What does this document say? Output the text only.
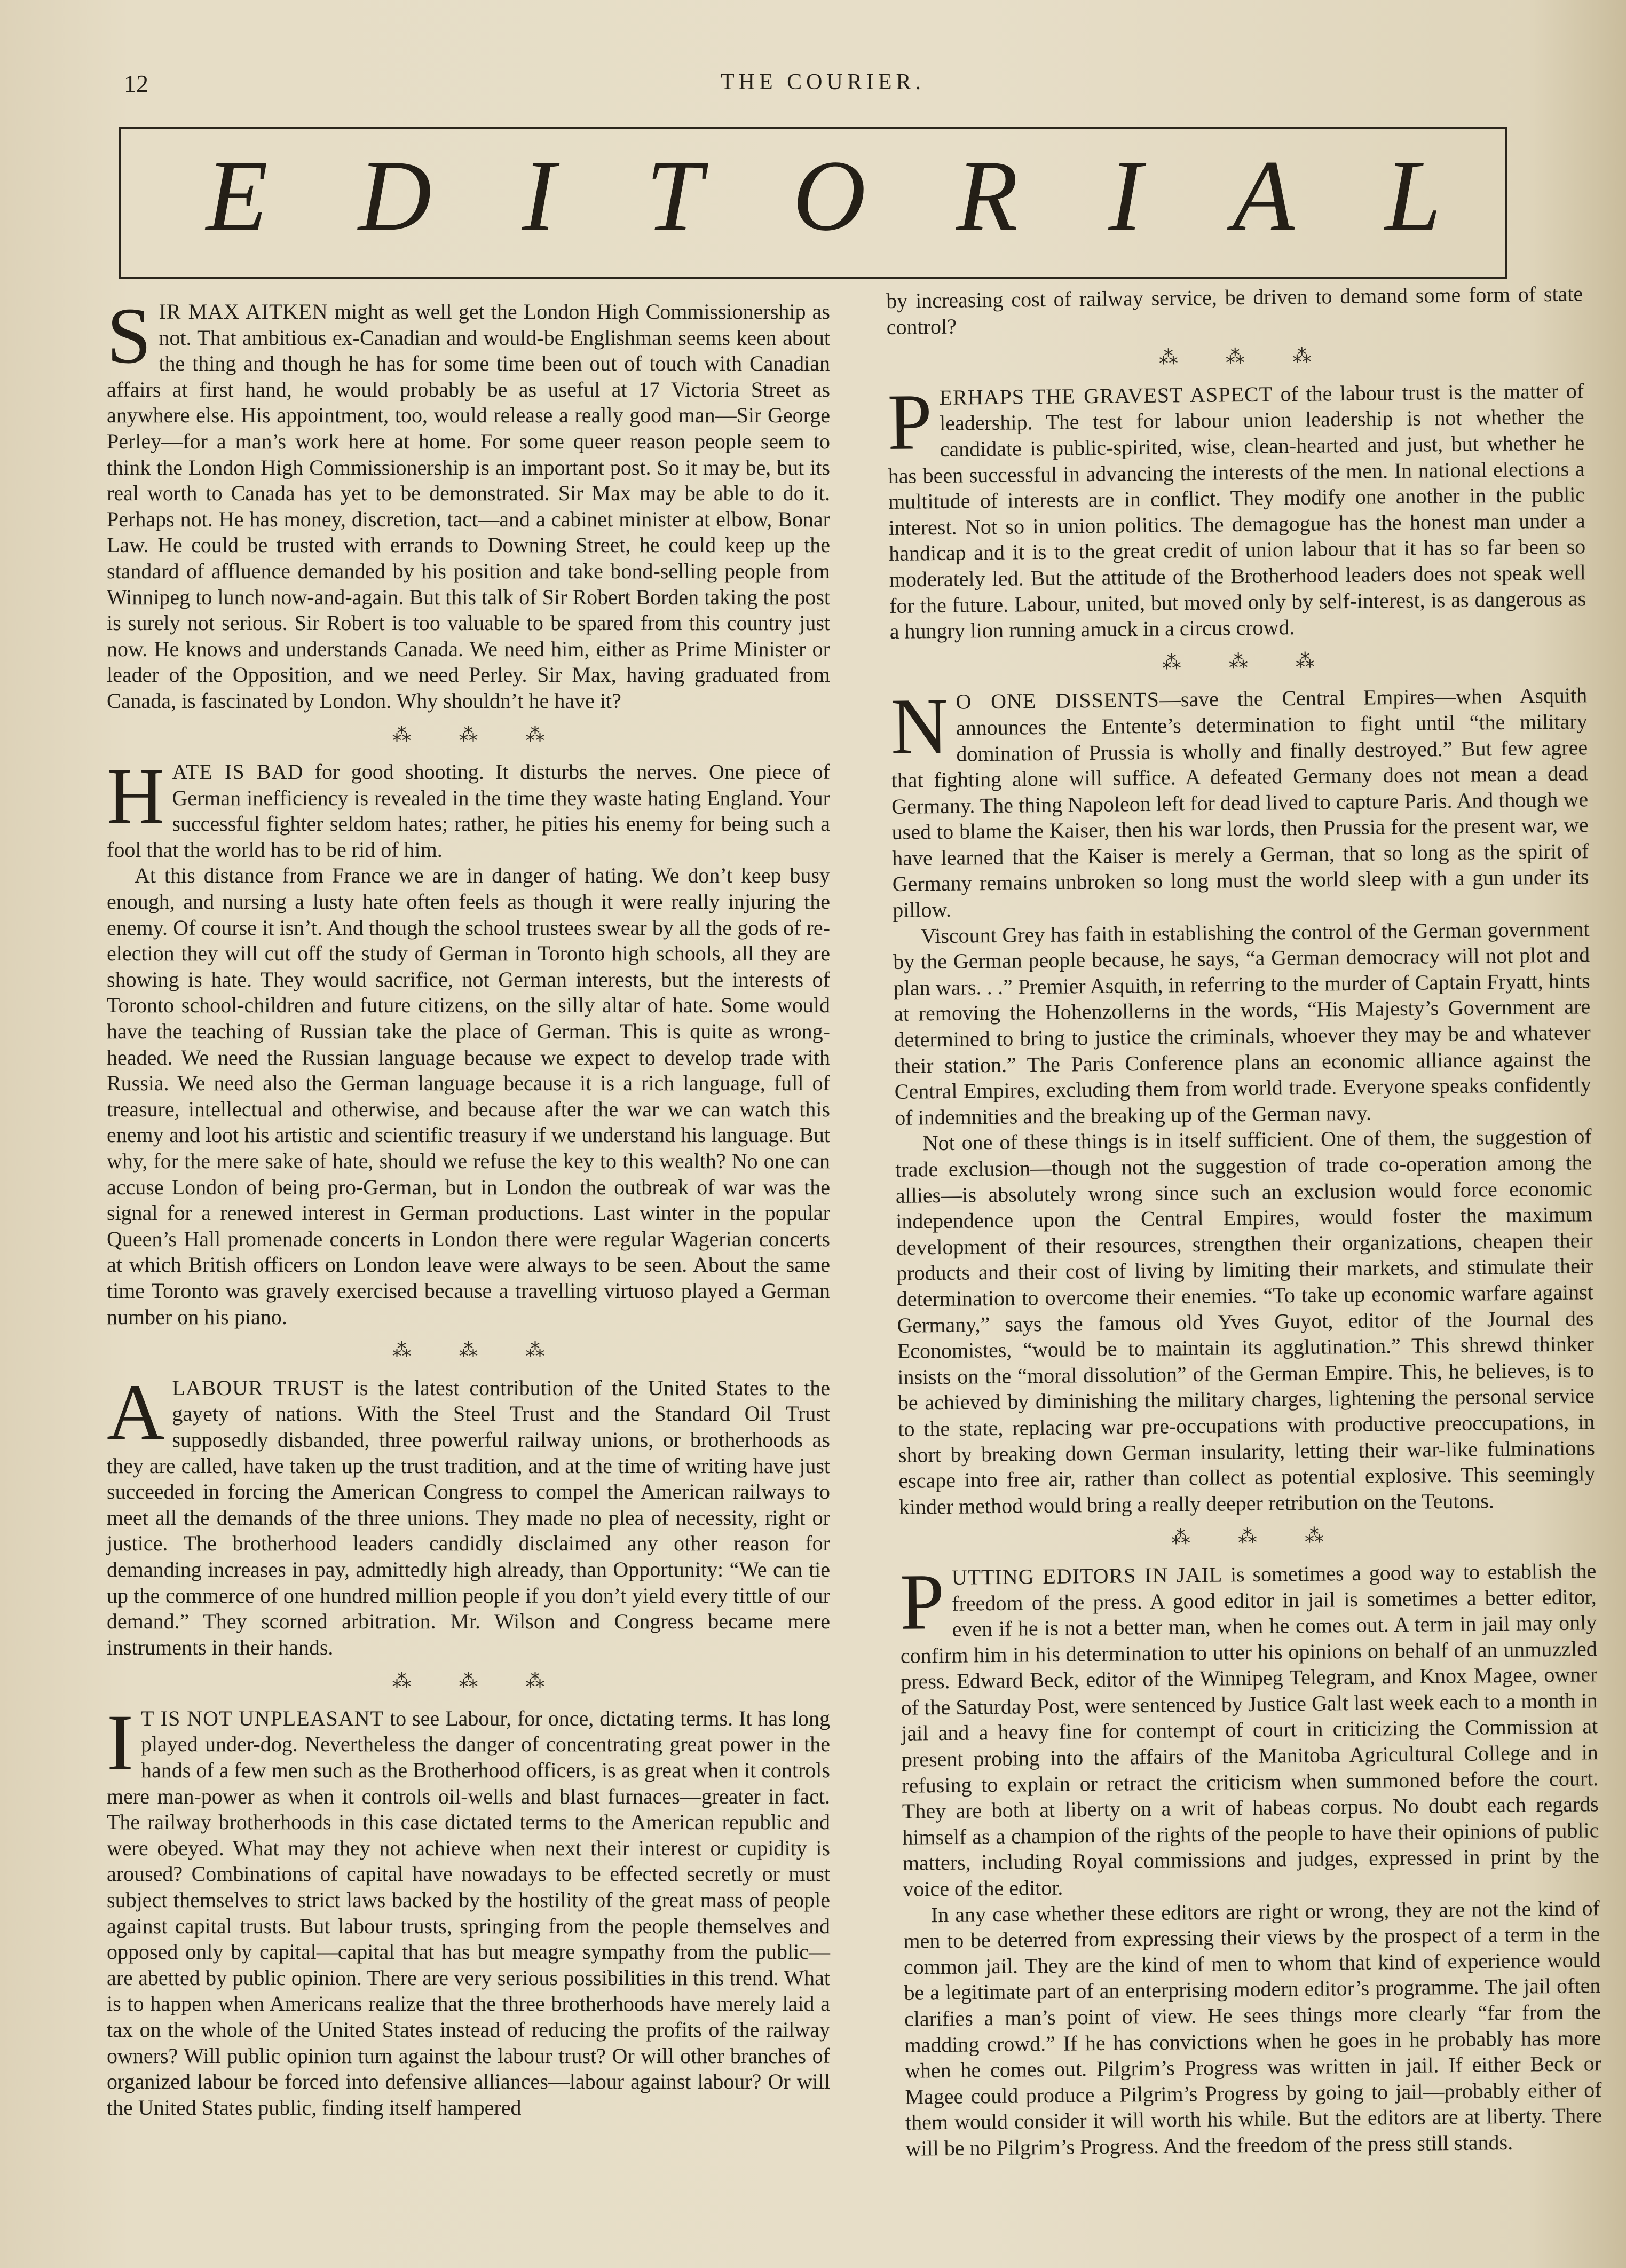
12	THE COURIER.
E D I T O R I A L

SIR MAX AITKEN might as well get the London High Commissionership as not. That ambitious ex-Canadian and would-be Englishman seems keen about the thing and though he has for some time been out of touch with Canadian affairs at first hand, he would probably be as useful at 17 Victoria Street as anywhere else. His appointment, too, would release a really good man—Sir George Perley—for a man’s work here at home. For some queer reason people seem to think the London High Commissionership is an important post. So it may be, but its real worth to Canada has yet to be demonstrated. Sir Max may be able to do it. Perhaps not. He has money, discretion, tact—and a cabinet minister at elbow, Bonar Law. He could be trusted with errands to Downing Street, he could keep up the standard of affluence demanded by his position and take bond-selling people from Winnipeg to lunch now-and-again. But this talk of Sir Robert Borden taking the post is surely not serious. Sir Robert is too valuable to be spared from this country just now. He knows and understands Canada. We need him, either as Prime Minister or leader of the Opposition, and we need Perley. Sir Max, having graduated from Canada, is fascinated by London. Why shouldn’t he have it?

⁂ ⁂ ⁂

HATE IS BAD for good shooting. It disturbs the nerves. One piece of German inefficiency is revealed in the time they waste hating England. Your successful fighter seldom hates; rather, he pities his enemy for being such a fool that the world has to be rid of him.

At this distance from France we are in danger of hating. We don’t keep busy enough, and nursing a lusty hate often feels as though it were really injuring the enemy. Of course it isn’t. And though the school trustees swear by all the gods of re-election they will cut off the study of German in Toronto high schools, all they are showing is hate. They would sacrifice, not German interests, but the interests of Toronto school-children and future citizens, on the silly altar of hate. Some would have the teaching of Russian take the place of German. This is quite as wrong-headed. We need the Russian language because we expect to develop trade with Russia. We need also the German language because it is a rich language, full of treasure, intellectual and otherwise, and because after the war we can watch this enemy and loot his artistic and scientific treasury if we understand his language. But why, for the mere sake of hate, should we refuse the key to this wealth? No one can accuse London of being pro-German, but in London the outbreak of war was the signal for a renewed interest in German productions. Last winter in the popular Queen’s Hall promenade concerts in London there were regular Wagerian concerts at which British officers on London leave were always to be seen. About the same time Toronto was gravely exercised because a travelling virtuoso played a German number on his piano.

⁂ ⁂ ⁂

ALABOUR TRUST is the latest contribution of the United States to the gayety of nations. With the Steel Trust and the Standard Oil Trust supposedly disbanded, three powerful railway unions, or brotherhoods as they are called, have taken up the trust tradition, and at the time of writing have just succeeded in forcing the American Congress to compel the American railways to meet all the demands of the three unions. They made no plea of necessity, right or justice. The brotherhood leaders candidly disclaimed any other reason for demanding increases in pay, admittedly high already, than Opportunity: “We can tie up the commerce of one hundred million people if you don’t yield every tittle of our demand.” They scorned arbitration. Mr. Wilson and Congress became mere instruments in their hands.

⁂ ⁂ ⁂

I T IS NOT UNPLEASANT to see Labour, for once, dictating terms. It has long played under-dog. Nevertheless the danger of concentrating great power in the hands of a few men such as the Brotherhood officers, is as great when it controls mere man-power as when it controls oil-wells and blast furnaces—greater in fact. The railway brotherhoods in this case dictated terms to the American republic and were obeyed. What may they not achieve when next their interest or cupidity is aroused? Combinations of capital have nowadays to be effected secretly or must subject themselves to strict laws backed by the hostility of the great mass of people against capital trusts. But labour trusts, springing from the people themselves and opposed only by capital—capital that has but meagre sympathy from the public—are abetted by public opinion. There are very serious possibilities in this trend. What is to happen when Americans realize that the three brotherhoods have merely laid a tax on the whole of the United States instead of reducing the profits of the railway owners? Will public opinion turn against the labour trust? Or will other branches of organized labour be forced into defensive alliances—labour against labour? Or will the United States public, finding itself hampered

by increasing cost of railway service, be driven to demand some form of state control?

⁂ ⁂ ⁂

PERHAPS THE GRAVEST ASPECT of the labour trust is the matter of leadership. The test for labour union leadership is not whether the candidate is public-spirited, wise, clean-hearted and just, but whether he has been successful in advancing the interests of the men. In national elections a multitude of interests are in conflict. They modify one another in the public interest. Not so in union politics. The demagogue has the honest man under a handicap and it is to the great credit of union labour that it has so far been so moderately led. But the attitude of the Brotherhood leaders does not speak well for the future. Labour, united, but moved only by self-interest, is as dangerous as a hungry lion running amuck in a circus crowd.

⁂ ⁂ ⁂

N O ONE DISSENTS—save the Central Empires—when Asquith announces the Entente’s determination to fight until “the military domination of Prussia is wholly and finally destroyed.” But few agree that fighting alone will suffice. A defeated Germany does not mean a dead Germany. The thing Napoleon left for dead lived to capture Paris. And though we used to blame the Kaiser, then his war lords, then Prussia for the present war, we have learned that the Kaiser is merely a German, that so long as the spirit of Germany remains unbroken so long must the world sleep with a gun under its pillow.

Viscount Grey has faith in establishing the control of the German government by the German people because, he says, “a German democracy will not plot and plan wars. . .” Premier Asquith, in referring to the murder of Captain Fryatt, hints at removing the Hohenzollerns in the words, “His Majesty’s Government are determined to bring to justice the criminals, whoever they may be and whatever their station.” The Paris Conference plans an economic alliance against the Central Empires, excluding them from world trade. Everyone speaks confidently of indemnities and the breaking up of the German navy.

Not one of these things is in itself sufficient. One of them, the suggestion of trade exclusion—though not the suggestion of trade co-operation among the allies—is absolutely wrong since such an exclusion would force economic independence upon the Central Empires, would foster the maximum development of their resources, strengthen their organizations, cheapen their products and their cost of living by limiting their markets, and stimulate their determination to overcome their enemies. “To take up economic warfare against Germany,” says the famous old Yves Guyot, editor of the Journal des Economistes, “would be to maintain its agglutination.” This shrewd thinker insists on the “moral dissolution” of the German Empire. This, he believes, is to be achieved by diminishing the military charges, lightening the personal service to the state, replacing war pre-occupations with productive preoccupations, in short by breaking down German insularity, letting their war-like fulminations escape into free air, rather than collect as potential explosive. This seemingly kinder method would bring a really deeper retribution on the Teutons.

⁂ ⁂ ⁂

PUTTING EDITORS IN JAIL is sometimes a good way to establish the freedom of the press. A good editor in jail is sometimes a better editor, even if he is not a better man, when he comes out. A term in jail may only confirm him in his determination to utter his opinions on behalf of an unmuzzled press. Edward Beck, editor of the Winnipeg Telegram, and Knox Magee, owner of the Saturday Post, were sentenced by Justice Galt last week each to a month in jail and a heavy fine for contempt of court in criticizing the Commission at present probing into the affairs of the Manitoba Agricultural College and in refusing to explain or retract the criticism when summoned before the court. They are both at liberty on a writ of habeas corpus. No doubt each regards himself as a champion of the rights of the people to have their opinions of public matters, including Royal commissions and judges, expressed in print by the voice of the editor.

In any case whether these editors are right or wrong, they are not the kind of men to be deterred from expressing their views by the prospect of a term in the common jail. They are the kind of men to whom that kind of experience would be a legitimate part of an enterprising modern editor’s programme. The jail often clarifies a man’s point of view. He sees things more clearly “far from the madding crowd.” If he has convictions when he goes in he probably has more when he comes out. Pilgrim’s Progress was written in jail. If either Beck or Magee could produce a Pilgrim’s Progress by going to jail—probably either of them would consider it will worth his while. But the editors are at liberty. There will be no Pilgrim’s Progress. And the freedom of the press still stands.
